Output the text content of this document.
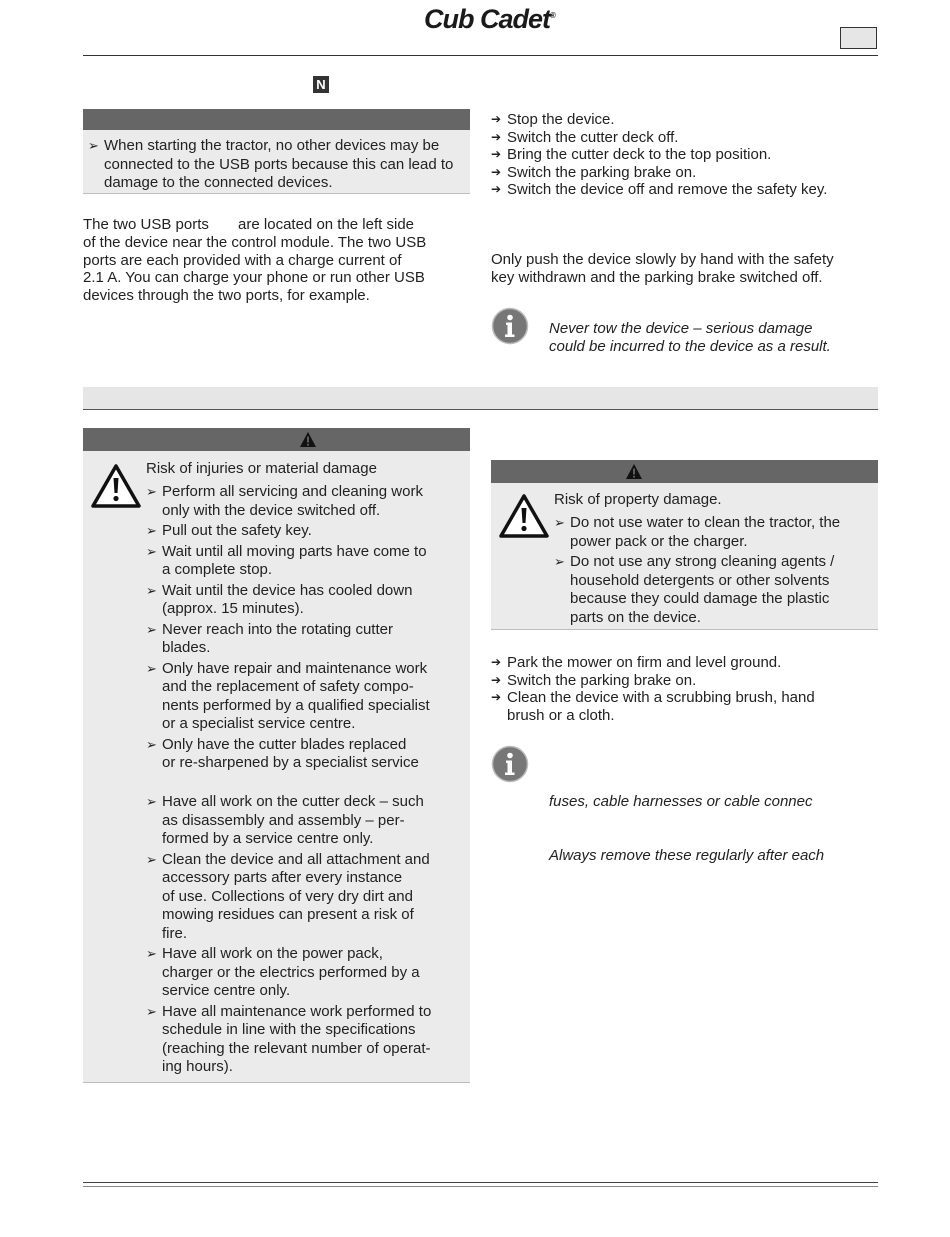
Cub Cadet®
N
➢ When starting the tractor, no other devices may be connected to the USB ports because this can lead to damage to the connected devices.
The two USB ports       are located on the left side
of the device near the control module. The two USB
ports are each provided with a charge current of
2.1 A. You can charge your phone or run other USB
devices through the two ports, for example.
➔ Stop the device.
➔ Switch the cutter deck off.
➔ Bring the cutter deck to the top position.
➔ Switch the parking brake on.
➔ Switch the device off and remove the safety key.
Only push the device slowly by hand with the safety
key withdrawn and the parking brake switched off.
Never tow the device – serious damage
could be incurred to the device as a result.
Risk of injuries or material damage
➢ Perform all servicing and cleaning work
only with the device switched off.
➢ Pull out the safety key.
➢ Wait until all moving parts have come to
a complete stop.
➢ Wait until the device has cooled down
(approx. 15 minutes).
➢ Never reach into the rotating cutter
blades.
➢ Only have repair and maintenance work
and the replacement of safety compo-
nents performed by a qualified specialist
or a specialist service centre.
➢ Only have the cutter blades replaced
or re-sharpened by a specialist service
➢ Have all work on the cutter deck – such
as disassembly and assembly – per-
formed by a service centre only.
➢ Clean the device and all attachment and
accessory parts after every instance
of use. Collections of very dry dirt and
mowing residues can present a risk of
fire.
➢ Have all work on the power pack,
charger or the electrics performed by a
service centre only.
➢ Have all maintenance work performed to
schedule in line with the specifications
(reaching the relevant number of operat-
ing hours).
Risk of property damage.
➢ Do not use water to clean the tractor, the
power pack or the charger.
➢ Do not use any strong cleaning agents /
household detergents or other solvents
because they could damage the plastic
parts on the device.
➔ Park the mower on firm and level ground.
➔ Switch the parking brake on.
➔ Clean the device with a scrubbing brush, hand
brush or a cloth.
fuses, cable harnesses or cable connec
Always remove these regularly after each
